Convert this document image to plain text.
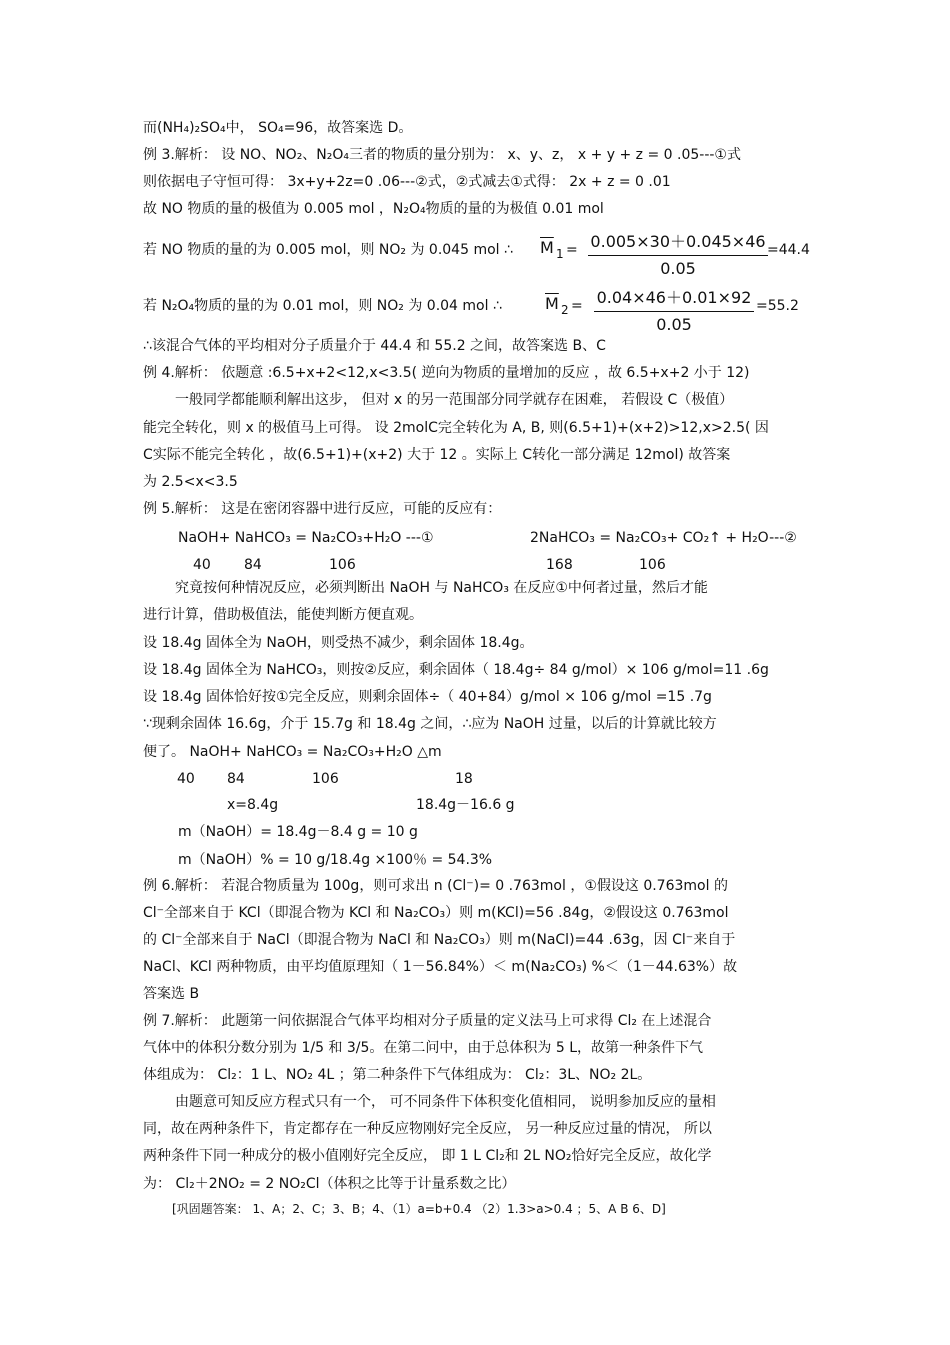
而(NH₄)₂SO₄中， SO₄=96，故答案选 D。
例 3.解析： 设 NO、NO₂、N₂O₄三者的物质的量分别为： x、y、z， x + y + z = 0 .05---①式
则依据电子守恒可得： 3x+y+2z=0 .06---②式，②式减去①式得： 2x + z = 0 .01
故 NO 物质的量的极值为 0.005 mol ，N₂O₄物质的量的为极值 0.01 mol
若 NO 物质的量的为 0.005 mol，则 NO₂ 为 0.045 mol ∴ $\overline{M}$ 1 = 0.005×30＋0.045×46
0.05
=44.4
若 N₂O₄物质的量的为 0.01 mol，则 NO₂ 为 0.04 mol ∴	$\overline{M}$ 2 = 0.04×46＋0.01×92
0.05
=55.2
∴该混合气体的平均相对分子质量介于 44.4 和 55.2 之间，故答案选 B、C
例 4.解析： 依题意 :6.5+x+2<12,x<3.5( 逆向为物质的量增加的反应 ，故 6.5+x+2 小于 12)
一般同学都能顺利解出这步， 但对 x 的另一范围部分同学就存在困难， 若假设 C（极值）
能完全转化，则 x 的极值马上可得。 设 2molC完全转化为 A, B, 则(6.5+1)+(x+2)>12,x>2.5( 因
C实际不能完全转化 ，故(6.5+1)+(x+2) 大于 12 。实际上 C转化一部分满足 12mol) 故答案
为 2.5<x<3.5
例 5.解析： 这是在密闭容器中进行反应，可能的反应有：
NaOH+ NaHCO₃ = Na₂CO₃+H₂O ---①	2NaHCO₃ = Na₂CO₃+ CO₂↑ + H₂O---②
40 84	106	168	106
究竟按何种情况反应，必须判断出 NaOH 与 NaHCO₃ 在反应①中何者过量，然后才能
进行计算，借助极值法，能使判断方便直观。
设 18.4g 固体全为 NaOH，则受热不减少，剩余固体 18.4g。
设 18.4g 固体全为 NaHCO₃，则按②反应，剩余固体（ 18.4g÷ 84 g/mol）× 106 g/mol=11 .6g
设 18.4g 固体恰好按①完全反应，则剩余固体÷（ 40+84）g/mol × 106 g/mol =15 .7g
∵现剩余固体 16.6g，介于 15.7g 和 18.4g 之间，∴应为 NaOH 过量，以后的计算就比较方
便了。 NaOH+ NaHCO₃ = Na₂CO₃+H₂O △m
40 84	106	18
x=8.4g	18.4g－16.6 g
m（NaOH）= 18.4g－8.4 g = 10 g
m（NaOH）% = 10 g/18.4g ×100％ = 54.3%
例 6.解析： 若混合物质量为 100g，则可求出 n (Cl⁻)= 0 .763mol ，①假设这 0.763mol 的
Cl⁻全部来自于 KCl（即混合物为 KCl 和 Na₂CO₃）则 m(KCl)=56 .84g，②假设这 0.763mol
的 Cl⁻全部来自于 NaCl（即混合物为 NaCl 和 Na₂CO₃）则 m(NaCl)=44 .63g，因 Cl⁻来自于
NaCl、KCl 两种物质，由平均值原理知（ 1－56.84%）＜ m(Na₂CO₃) %＜（1－44.63%）故
答案选 B
例 7.解析： 此题第一问依据混合气体平均相对分子质量的定义法马上可求得 Cl₂ 在上述混合
气体中的体积分数分别为 1/5 和 3/5。在第二问中，由于总体积为 5 L，故第一种条件下气
体组成为： Cl₂：1 L、NO₂ 4L ；第二种条件下气体组成为： Cl₂：3L、NO₂ 2L。
由题意可知反应方程式只有一个， 可不同条件下体积变化值相同， 说明参加反应的量相
同，故在两种条件下，肯定都存在一种反应物刚好完全反应， 另一种反应过量的情况， 所以
两种条件下同一种成分的极小值刚好完全反应， 即 1 L Cl₂和 2L NO₂恰好完全反应，故化学
为： Cl₂＋2NO₂ = 2 NO₂Cl（体积之比等于计量系数之比）
[巩固题答案： 1、A；2、C；3、B；4、（1）a=b+0.4 （2）1.3>a>0.4 ；5、A B 6、D]
